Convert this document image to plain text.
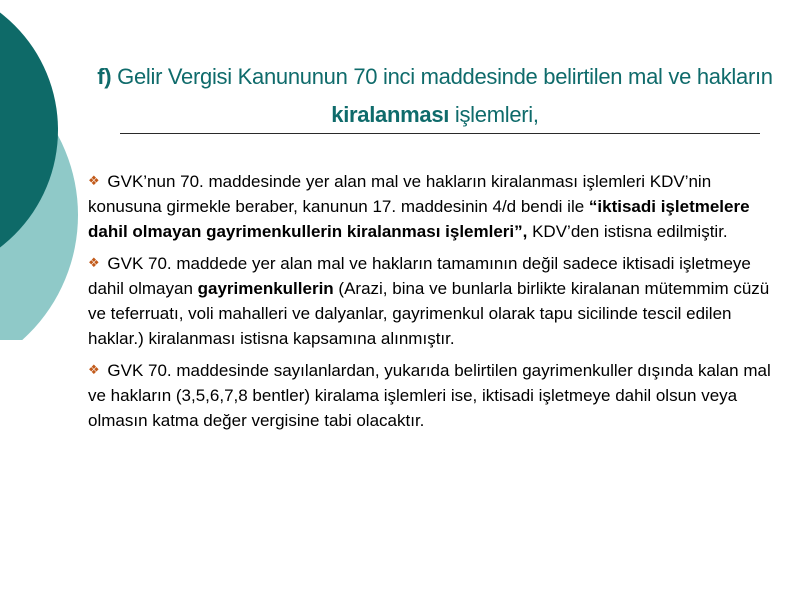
f) Gelir Vergisi Kanununun 70 inci maddesinde belirtilen mal ve hakların kiralanması işlemleri,

❖ GVK’nun 70. maddesinde yer alan mal ve hakların kiralanması işlemleri KDV’nin konusuna girmekle beraber, kanunun 17. maddesinin 4/d bendi ile “iktisadi işletmelere dahil olmayan gayrimenkullerin kiralanması işlemleri”, KDV’den istisna edilmiştir.

❖ GVK 70. maddede yer alan mal ve hakların tamamının değil sadece iktisadi işletmeye dahil olmayan gayrimenkullerin (Arazi, bina ve bunlarla birlikte kiralanan mütemmim cüzü ve teferruatı, voli mahalleri ve dalyanlar, gayrimenkul olarak tapu sicilinde tescil edilen haklar.) kiralanması istisna kapsamına alınmıştır.

❖ GVK 70. maddesinde sayılanlardan, yukarıda belirtilen gayrimenkuller dışında kalan mal ve hakların (3,5,6,7,8 bentler) kiralama işlemleri ise, iktisadi işletmeye dahil olsun veya olmasın katma değer vergisine tabi olacaktır.
